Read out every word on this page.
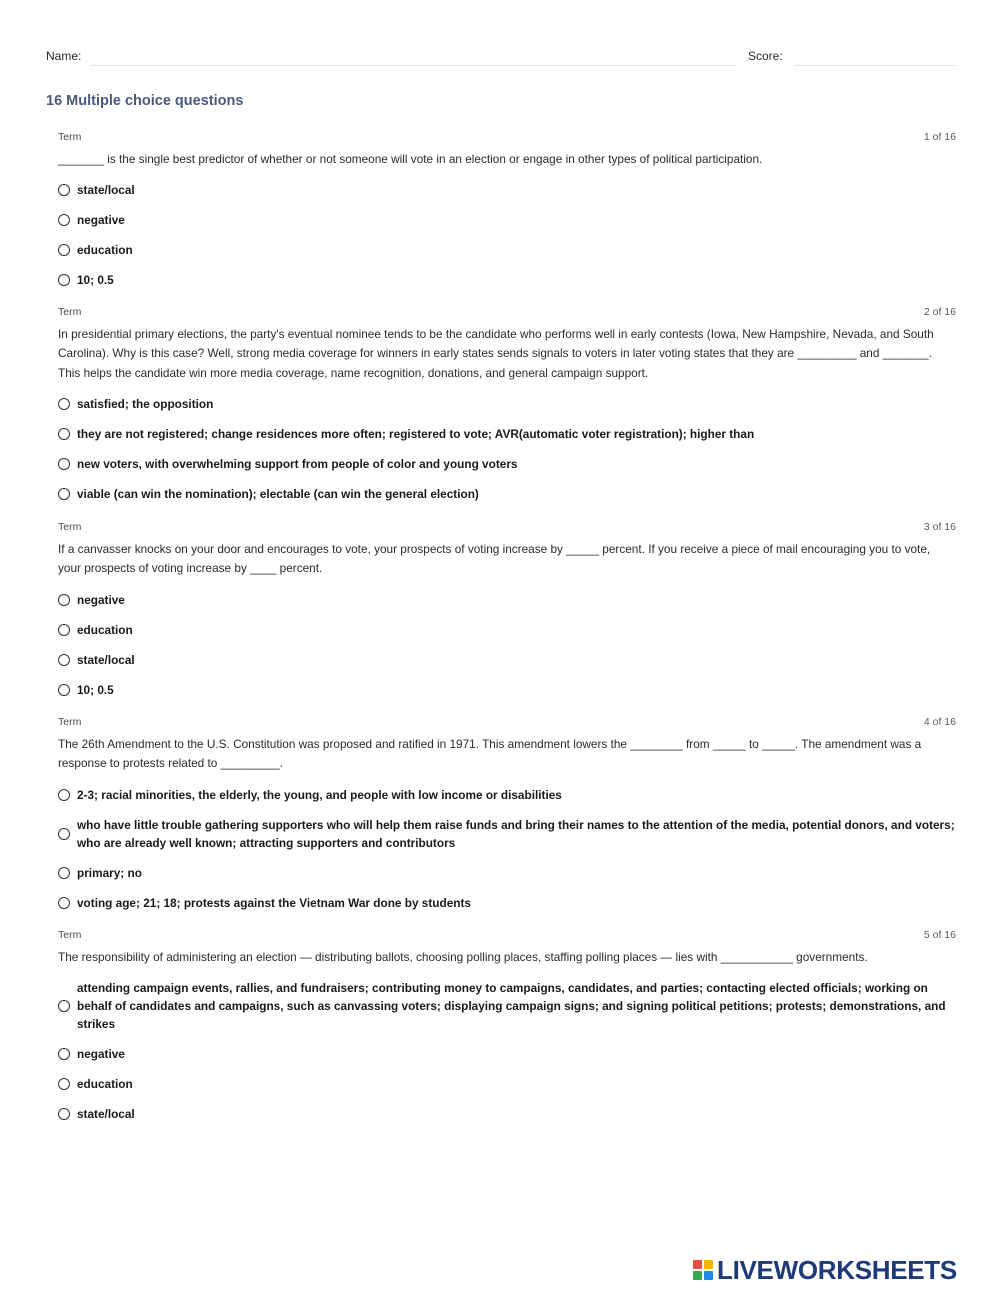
Name:	Score:
16 Multiple choice questions
Term	1 of 16

_______ is the single best predictor of whether or not someone will vote in an election or engage in other types of political participation.

state/local
negative
education
10; 0.5
Term	2 of 16

In presidential primary elections, the party's eventual nominee tends to be the candidate who performs well in early contests (Iowa, New Hampshire, Nevada, and South Carolina). Why is this case? Well, strong media coverage for winners in early states sends signals to voters in later voting states that they are _________ and _______. This helps the candidate win more media coverage, name recognition, donations, and general campaign support.

satisfied; the opposition
they are not registered; change residences more often; registered to vote; AVR(automatic voter registration); higher than
new voters, with overwhelming support from people of color and young voters
viable (can win the nomination); electable (can win the general election)
Term	3 of 16

If a canvasser knocks on your door and encourages to vote, your prospects of voting increase by _____ percent. If you receive a piece of mail encouraging you to vote, your prospects of voting increase by ____ percent.

negative
education
state/local
10; 0.5
Term	4 of 16

The 26th Amendment to the U.S. Constitution was proposed and ratified in 1971. This amendment lowers the ________ from _____ to _____. The amendment was a response to protests related to _________.

2-3; racial minorities, the elderly, the young, and people with low income or disabilities
who have little trouble gathering supporters who will help them raise funds and bring their names to the attention of the media, potential donors, and voters; who are already well known; attracting supporters and contributors
primary; no
voting age; 21; 18; protests against the Vietnam War done by students
Term	5 of 16

The responsibility of administering an election — distributing ballots, choosing polling places, staffing polling places — lies with ___________ governments.

attending campaign events, rallies, and fundraisers; contributing money to campaigns, candidates, and parties; contacting elected officials; working on behalf of candidates and campaigns, such as canvassing voters; displaying campaign signs; and signing political petitions; protests; demonstrations, and strikes
negative
education
state/local
LIVEWORKSHEETS
